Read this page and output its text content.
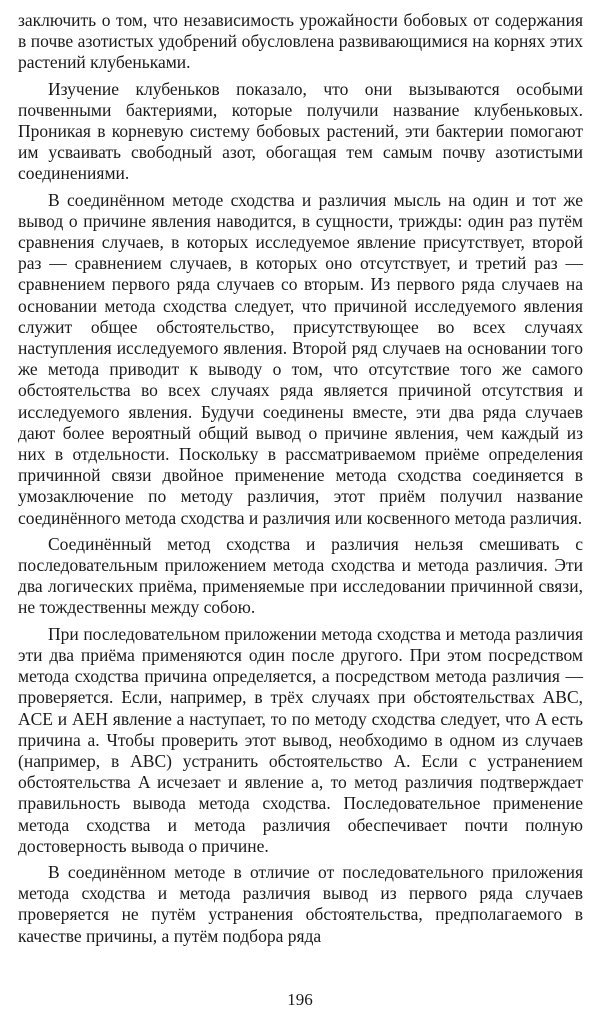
заключить о том, что независимость урожайности бобовых от содержания в почве азотистых удобрений обусловлена развивающимися на корнях этих растений клубеньками.

Изучение клубеньков показало, что они вызываются особыми почвенными бактериями, которые получили название клубеньковых. Проникая в корневую систему бобовых растений, эти бактерии помогают им усваивать свободный азот, обогащая тем самым почву азотистыми соединениями.

В соединённом методе сходства и различия мысль на один и тот же вывод о причине явления наводится, в сущности, трижды: один раз путём сравнения случаев, в которых исследуемое явление присутствует, второй раз — сравнением случаев, в которых оно отсутствует, и третий раз — сравнением первого ряда случаев со вторым. Из первого ряда случаев на основании метода сходства следует, что причиной исследуемого явления служит общее обстоятельство, присутствующее во всех случаях наступления исследуемого явления. Второй ряд случаев на основании того же метода приводит к выводу о том, что отсутствие того же самого обстоятельства во всех случаях ряда является причиной отсутствия и исследуемого явления. Будучи соединены вместе, эти два ряда случаев дают более вероятный общий вывод о причине явления, чем каждый из них в отдельности. Поскольку в рассматриваемом приёме определения причинной связи двойное применение метода сходства соединяется в умозаключение по методу различия, этот приём получил название соединённого метода сходства и различия или косвенного метода различия.

Соединённый метод сходства и различия нельзя смешивать с последовательным приложением метода сходства и метода различия. Эти два логических приёма, применяемые при исследовании причинной связи, не тождественны между собою.

При последовательном приложении метода сходства и метода различия эти два приёма применяются один после другого. При этом посредством метода сходства причина определяется, а посредством метода различия — проверяется. Если, например, в трёх случаях при обстоятельствах ABC, ACE и AEH явление a наступает, то по методу сходства следует, что A есть причина a. Чтобы проверить этот вывод, необходимо в одном из случаев (например, в ABC) устранить обстоятельство A. Если с устранением обстоятельства A исчезает и явление a, то метод различия подтверждает правильность вывода метода сходства. Последовательное применение метода сходства и метода различия обеспечивает почти полную достоверность вывода о причине.

В соединённом методе в отличие от последовательного приложения метода сходства и метода различия вывод из первого ряда случаев проверяется не путём устранения обстоятельства, предполагаемого в качестве причины, а путём подбора ряда

196
